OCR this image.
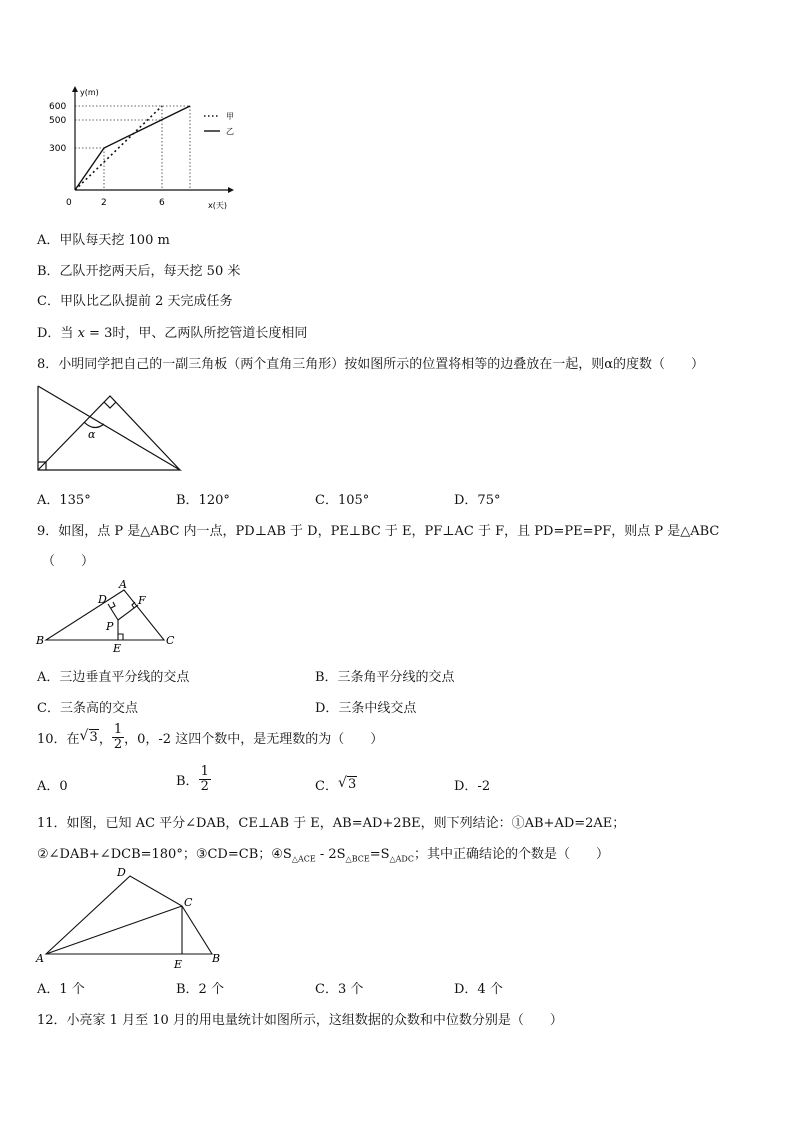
y(m)
600
500
300
0	2	6	x(天)
甲
乙
A．甲队每天挖 100 m
B．乙队开挖两天后，每天挖 50 米
C．甲队比乙队提前 2 天完成任务
D．当 x = 3时，甲、乙两队所挖管道长度相同
8．小明同学把自己的一副三角板（两个直角三角形）按如图所示的位置将相等的边叠放在一起，则α的度数（　　）
α
A．135°	B．120°	C．105°	D．75°
9．如图，点 P 是△ABC 内一点，PD⊥AB 于 D，PE⊥BC 于 E，PF⊥AC 于 F，且 PD=PE=PF，则点 P 是△ABC
（　　）
A
B	C
D	F
P
E
A．三边垂直平分线的交点	B．三条角平分线的交点
C．三条高的交点	D．三条中线交点
10．在 √ 3 ， $\frac{1}{2}$ ，0，-2 这四个数中，是无理数的为（　　）
A．0	B． $\frac{1}{2}$	C． √ 3	D．-2
11．如图，已知 AC 平分∠DAB，CE⊥AB 于 E，AB=AD+2BE，则下列结论：①AB+AD=2AE；
②∠DAB+∠DCB=180°；③CD=CB；$④S_{\triangle ACE} - 2S_{\triangle BCE}=S_{\triangle ADC}$；其中正确结论的个数是（　　）
D
C
A	E	B
A．1 个	B．2 个	C．3 个	D．4 个
12．小亮家 1 月至 10 月的用电量统计如图所示，这组数据的众数和中位数分别是（　　）
